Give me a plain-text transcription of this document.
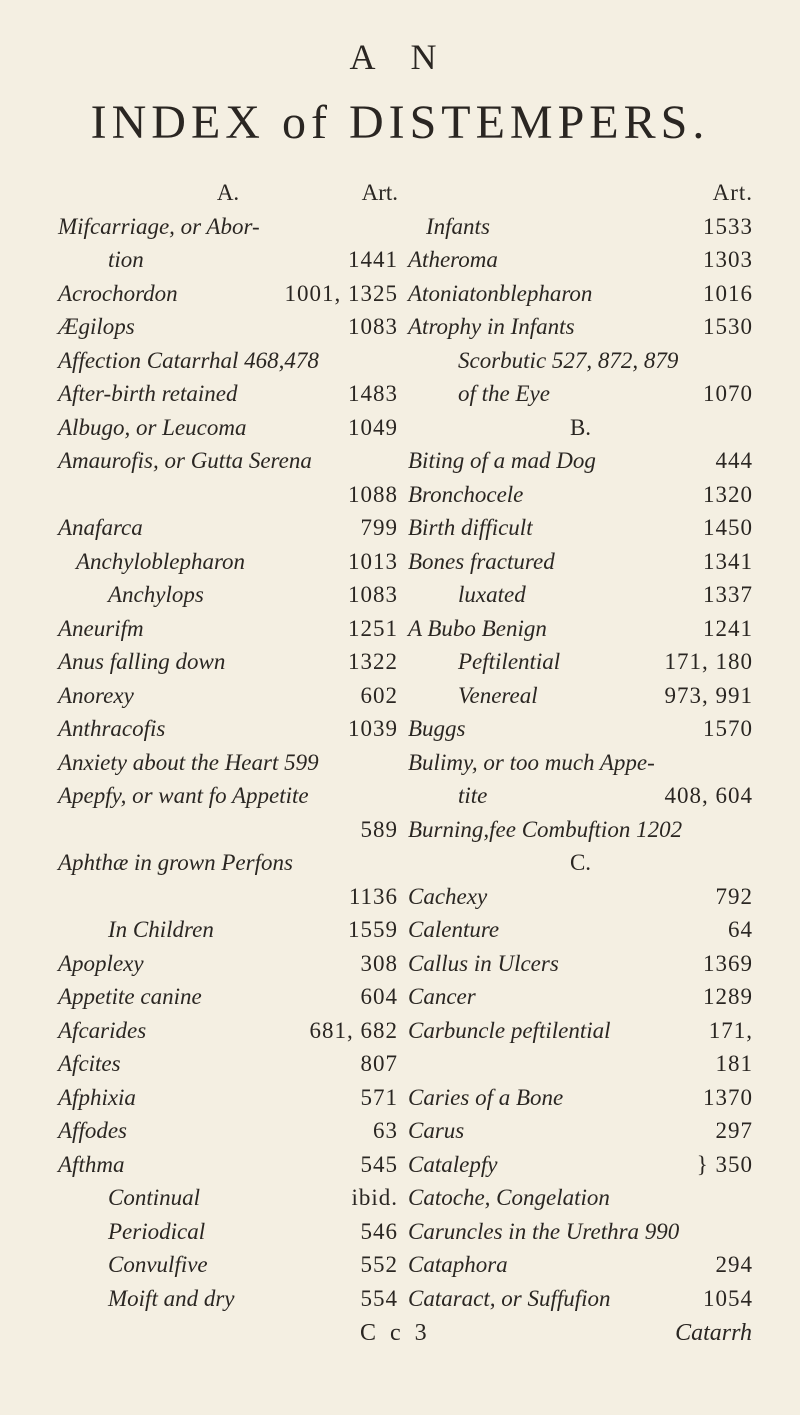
A N
INDEX of DISTEMPERS.
A.	Art.
Mifcarriage, or Abor-
tion	1441
Acrochordon	1001, 1325
Ægilops	1083
Affection Catarrhal 468,478
After-birth retained	1483
Albugo, or Leucoma	1049
Amaurofis, or Gutta Serena
1088
Anafarca	799
Anchyloblepharon	1013
Anchylops	1083
Aneurifm	1251
Anus falling down	1322
Anorexy	602
Anthracofis	1039
Anxiety about the Heart 599
Apepfy, or want fo Appetite
589
Aphthæ in grown Perfons
1136
In Children	1559
Apoplexy	308
Appetite canine	604
Afcarides	681, 682
Afcites	807
Afphixia	571
Affodes	63
Afthma	545
Continual	ibid.
Periodical	546
Convulfive	552
Moift and dry	554
Art.
Infants	1533
Atheroma	1303
Atoniatonblepharon	1016
Atrophy in Infants	1530
Scorbutic 527, 872, 879
of the Eye	1070
B.
Biting of a mad Dog	444
Bronchocele	1320
Birth difficult	1450
Bones fractured	1341
luxated	1337
A Bubo Benign	1241
Peftilential	171, 180
Venereal	973, 991
Buggs	1570
Bulimy, or too much Appe-
tite	408, 604
Burning,fee Combuftion 1202
C.
Cachexy	792
Calenture	64
Callus in Ulcers	1369
Cancer	1289
Carbuncle peftilential	171,
181
Caries of a Bone	1370
Carus	297
Catalepfy	} 350
Catoche, Congelation
Caruncles in the Urethra 990
Cataphora	294
Cataract, or Suffufion	1054
C c 3	Catarrh
